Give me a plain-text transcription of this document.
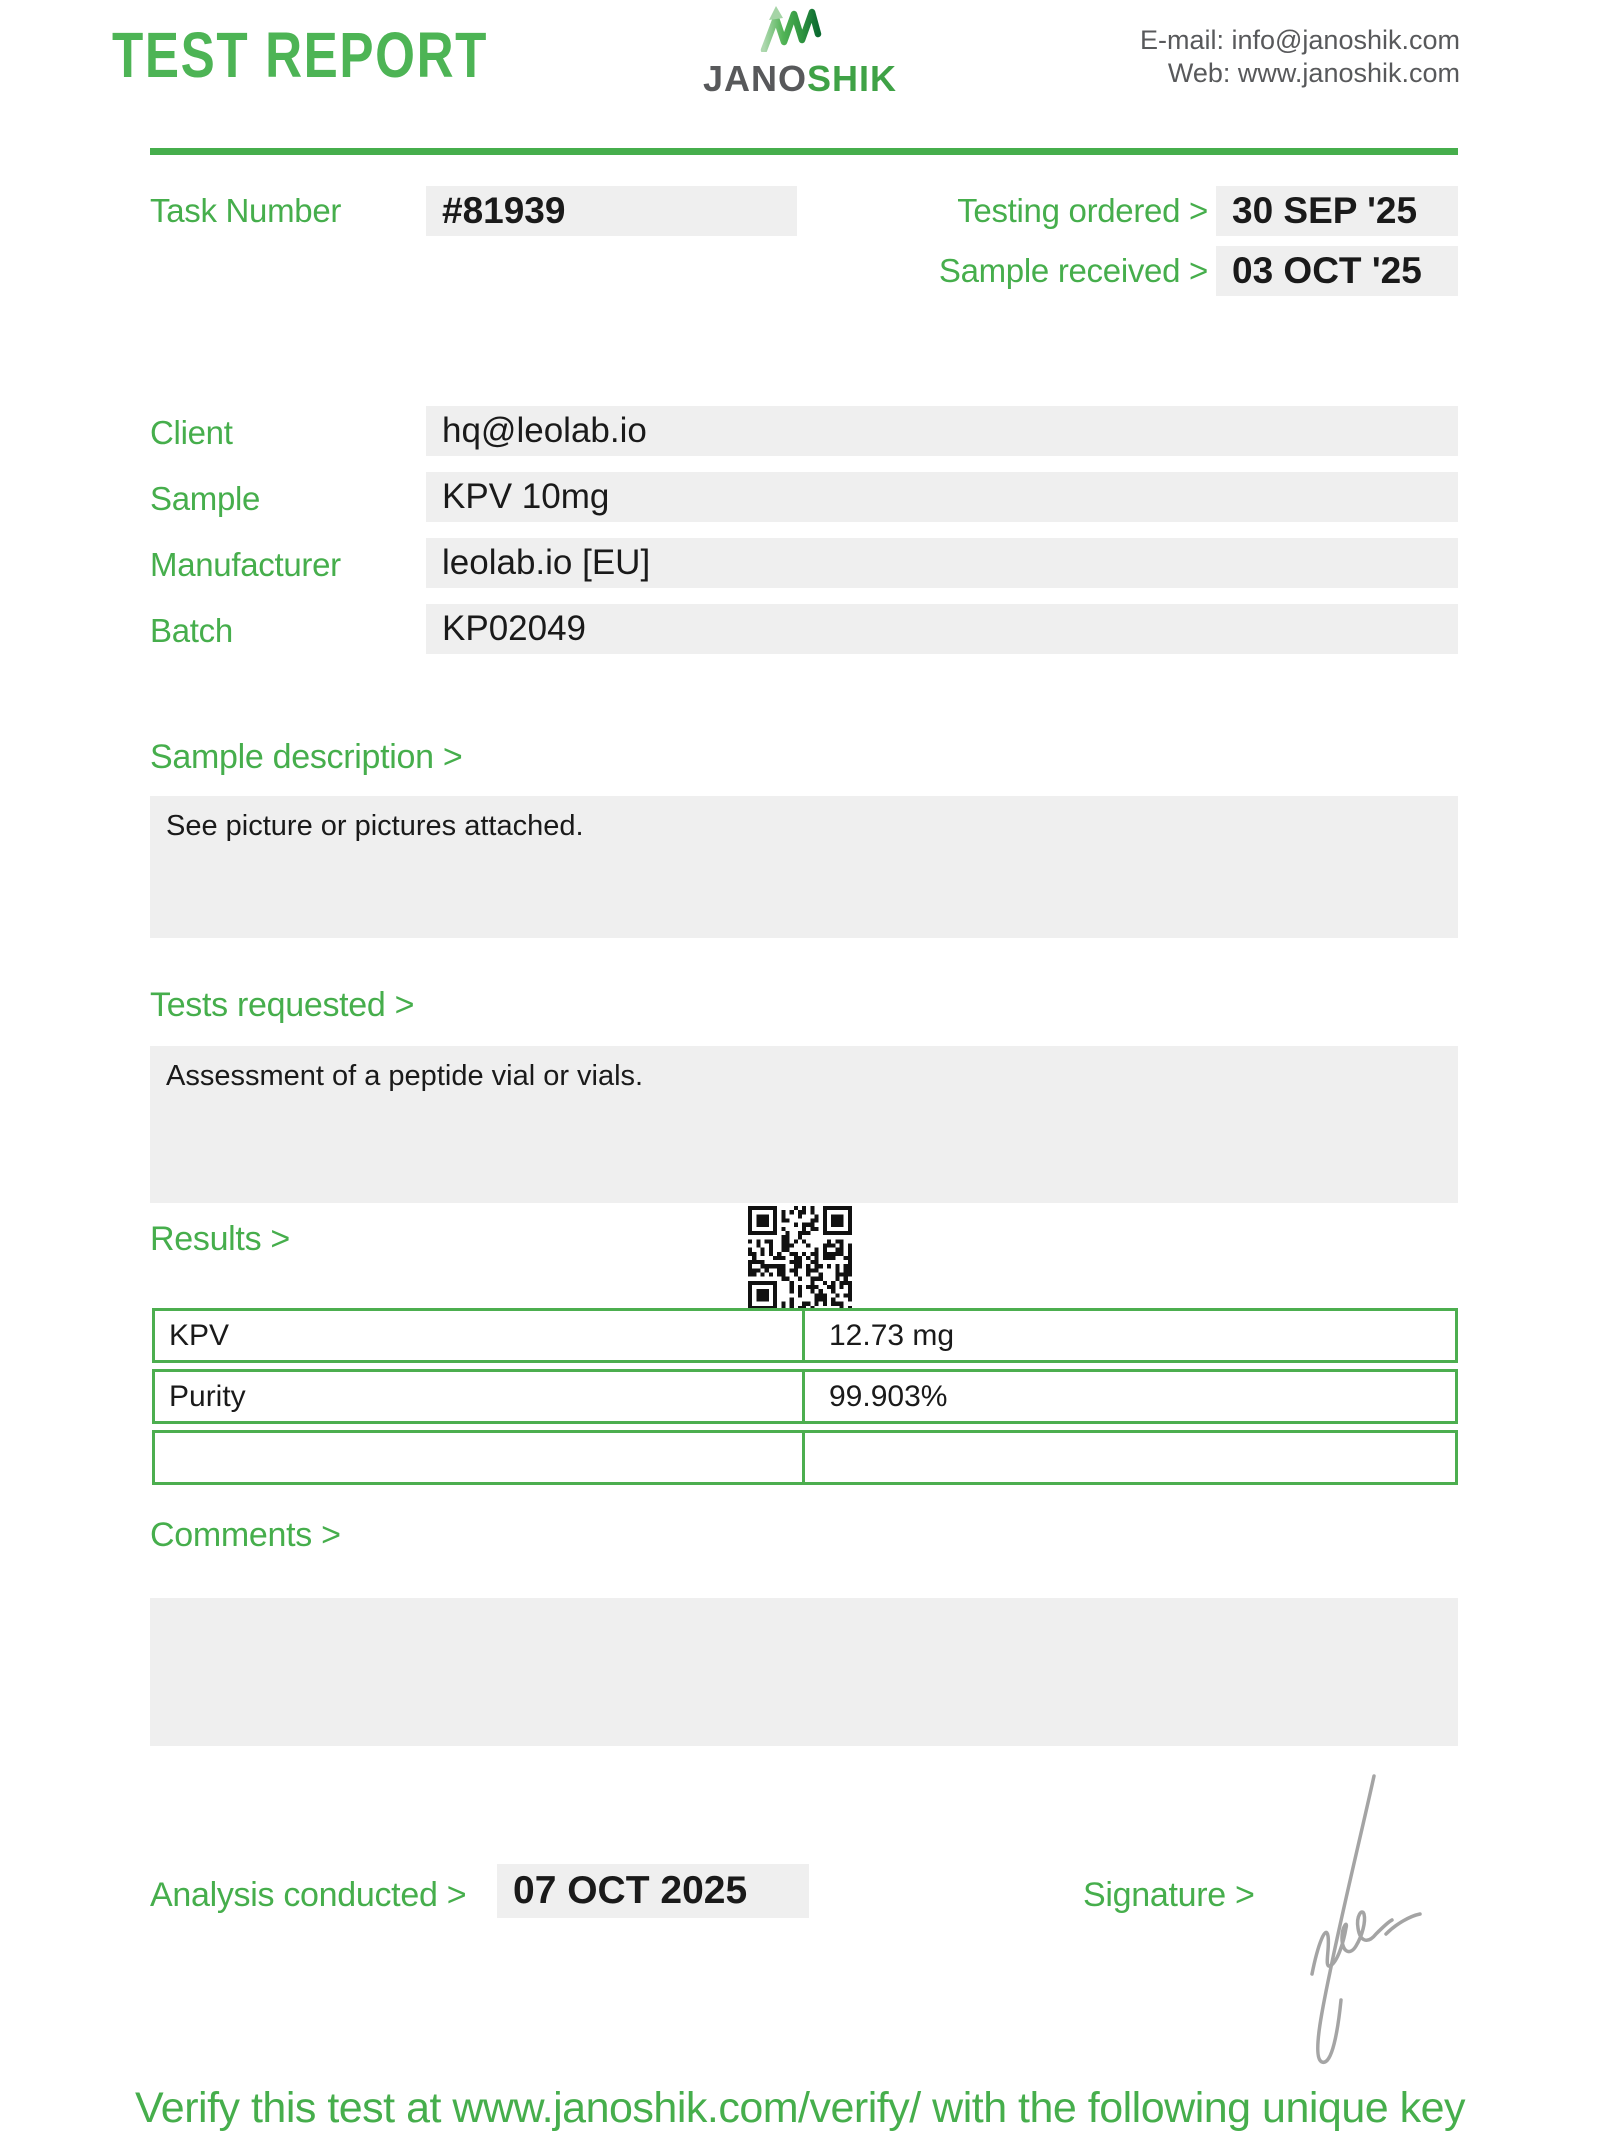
TEST REPORT	JANOSHIK
E-mail: info@janoshik.com
Web: www.janoshik.com
Task Number	#81939	Testing ordered > 30 SEP '25
Sample received > 03 OCT '25
Client	hq@leolab.io
Sample	KPV 10mg
Manufacturer	leolab.io [EU]
Batch	KP02049
Sample description >
See picture or pictures attached.
Tests requested >
Assessment of a peptide vial or vials.
Results >
KPV	12.73 mg
Purity	99.903%
Comments >
Analysis conducted >	07 OCT 2025	Signature >
Verify this test at www.janoshik.com/verify/ with the following unique key
